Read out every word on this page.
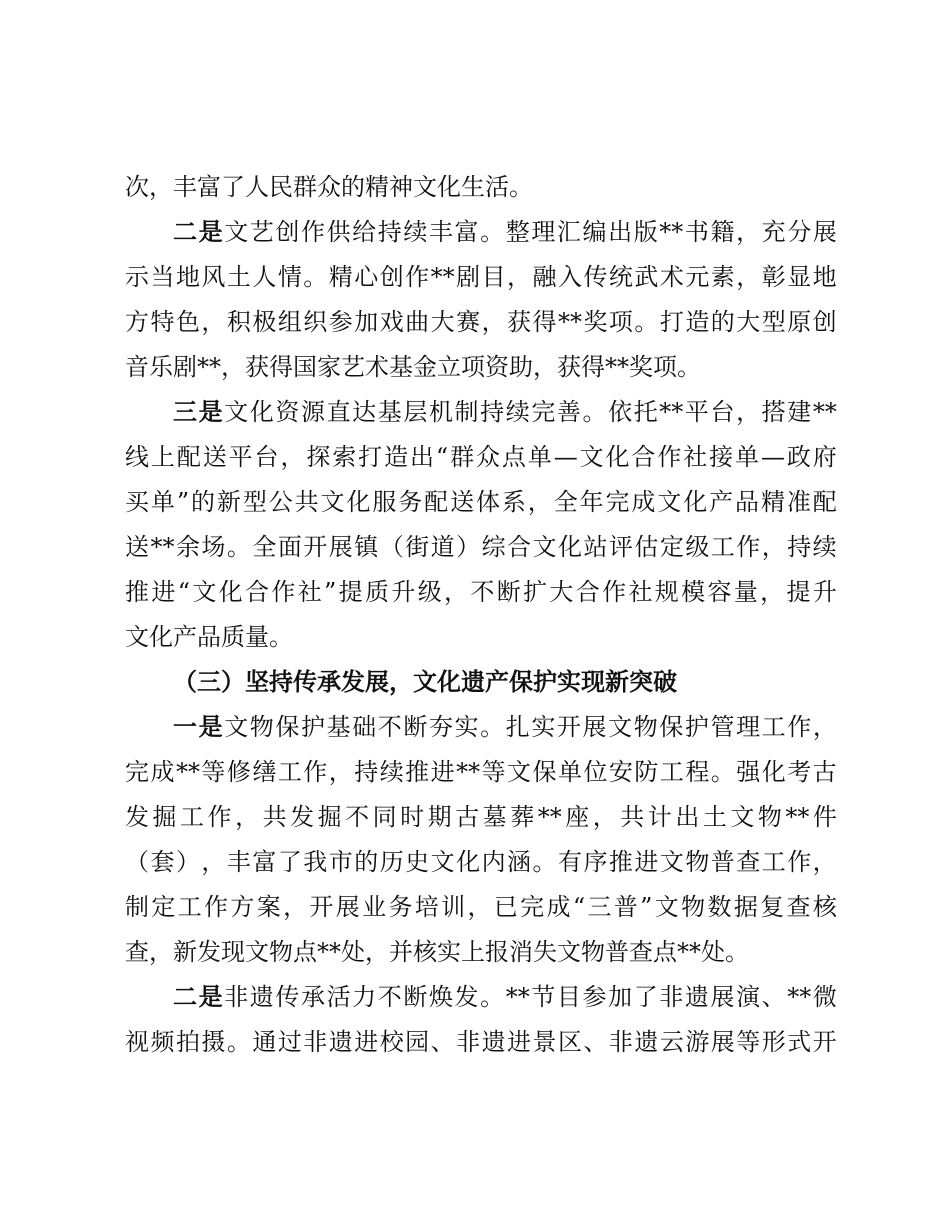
次，丰富了人民群众的精神文化生活。
二 是 文 艺 创 作 供 给 持 续 丰 富 。 整 理 汇 编 出 版 ** 书 籍 ， 充 分 展
示 当 地 风 土 人 情 。 精 心 创 作 ** 剧 目 ， 融 入 传 统 武 术 元 素 ， 彰 显 地
方 特 色 ， 积 极 组 织 参 加 戏 曲 大 赛 ， 获 得 ** 奖 项 。 打 造 的 大 型 原 创
音乐剧**，获得国家艺术基金立项资助，获得**奖项。
三 是 文 化 资 源 直 达 基 层 机 制 持 续 完 善 。 依 托 ** 平 台 ， 搭 建 **
线 上 配 送 平 台 ， 探 索 打 造 出 “ 群 众 点 单 — 文 化 合 作 社 接 单 — 政 府
买 单 ” 的 新 型 公 共 文 化 服 务 配 送 体 系 ， 全 年 完 成 文 化 产 品 精 准 配
送 ** 余 场 。 全 面 开 展 镇 （ 街 道 ） 综 合 文 化 站 评 估 定 级 工 作 ， 持 续
推 进 “ 文 化 合 作 社 ” 提 质 升 级 ， 不 断 扩 大 合 作 社 规 模 容 量 ， 提 升
文化产品质量。
（三）坚持传承发展，文化遗产保护实现新突破
一 是 文 物 保 护 基 础 不 断 夯 实 。 扎 实 开 展 文 物 保 护 管 理 工 作 ，
完 成 ** 等 修 缮 工 作 ， 持 续 推 进 ** 等 文 保 单 位 安 防 工 程 。 强 化 考 古
发 掘 工 作 ， 共 发 掘 不 同 时 期 古 墓 葬 ** 座 ， 共 计 出 土 文 物 ** 件
（ 套 ） ， 丰 富 了 我 市 的 历 史 文 化 内 涵 。 有 序 推 进 文 物 普 查 工 作 ，
制 定 工 作 方 案 ， 开 展 业 务 培 训 ， 已 完 成 “ 三 普 ” 文 物 数 据 复 查 核
查，新发现文物点**处，并核实上报消失文物普查点**处。
二 是 非 遗 传 承 活 力 不 断 焕 发 。 ** 节 目 参 加 了 非 遗 展 演 、 ** 微
视 频 拍 摄 。 通 过 非 遗 进 校 园 、 非 遗 进 景 区 、 非 遗 云 游 展 等 形 式 开
